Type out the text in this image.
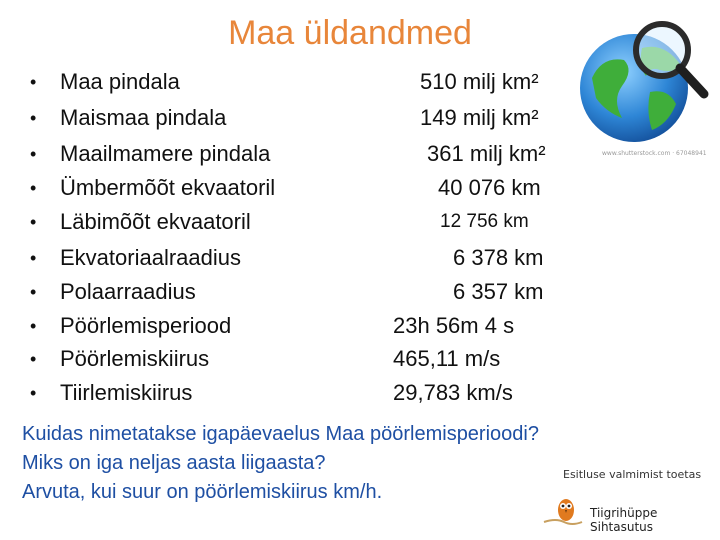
Maa üldandmed
www.shutterstock.com · 67048941
• Maa pindala	510 milj km²
• Maismaa pindala	149 milj km²
• Maailmamere pindala	361 milj km²
• Ümbermõõt ekvaatoril	40 076 km
• Läbimõõt ekvaatoril	12 756 km
• Ekvatoriaalraadius	6 378 km
• Polaarraadius	6 357 km
• Pöörlemisperiood	23h 56m 4 s
• Pöörlemiskiirus	465,11 m/s
• Tiirlemiskiirus	29,783 km/s
Kuidas nimetatakse igapäevaelus Maa pöörlemisperioodi?
Miks on iga neljas aasta liigaasta?
Arvuta, kui suur on pöörlemiskiirus km/h.
Esitluse valmimist toetas
Tiigrihüppe Sihtasutus
